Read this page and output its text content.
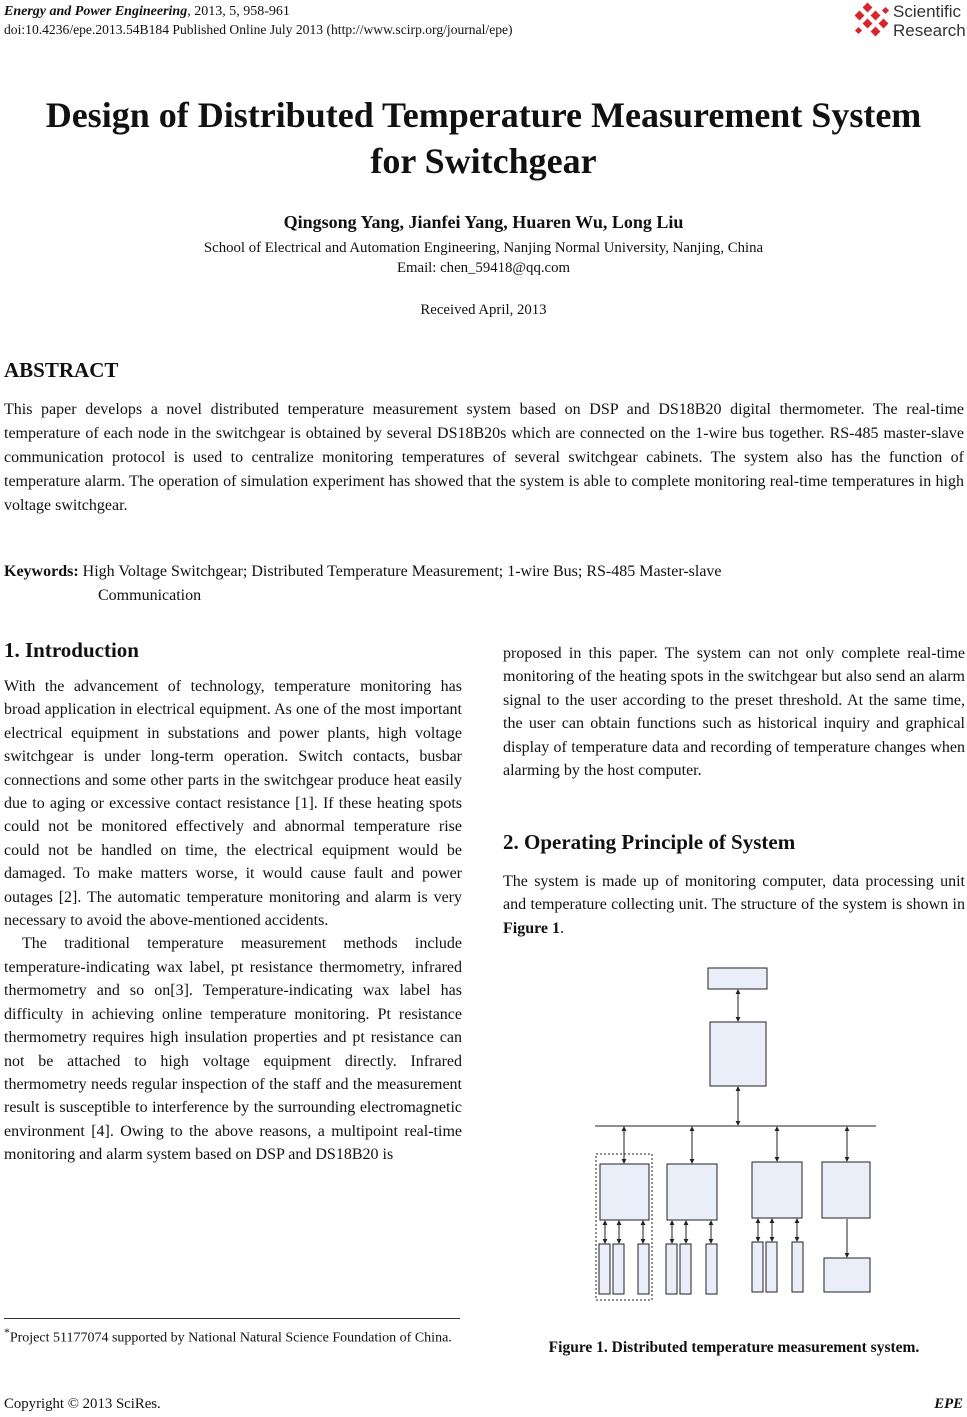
Energy and Power Engineering, 2013, 5, 958-961
doi:10.4236/epe.2013.54B184 Published Online July 2013 (http://www.scirp.org/journal/epe)
Scientific
Research
Design of Distributed Temperature Measurement System
for Switchgear
Qingsong Yang, Jianfei Yang, Huaren Wu, Long Liu
School of Electrical and Automation Engineering, Nanjing Normal University, Nanjing, China
Email: chen_59418@qq.com
Received April, 2013
ABSTRACT
This paper develops a novel distributed temperature measurement system based on DSP and DS18B20 digital thermometer. The real-time temperature of each node in the switchgear is obtained by several DS18B20s which are connected on the 1-wire bus together. RS-485 master-slave communication protocol is used to centralize monitoring temperatures of several switchgear cabinets. The system also has the function of temperature alarm. The operation of simulation experiment has showed that the system is able to complete monitoring real-time temperatures in high voltage switchgear.
Keywords: High Voltage Switchgear; Distributed Temperature Measurement; 1-wire Bus; RS-485 Master-slave
Communication
1. Introduction

With the advancement of technology, temperature monitoring has broad application in electrical equipment. As one of the most important electrical equipment in substations and power plants, high voltage switchgear is under long-term operation. Switch contacts, busbar connections and some other parts in the switchgear produce heat easily due to aging or excessive contact resistance [1]. If these heating spots could not be monitored effectively and abnormal temperature rise could not be handled on time, the electrical equipment would be damaged. To make matters worse, it would cause fault and power outages [2]. The automatic temperature monitoring and alarm is very necessary to avoid the above-mentioned accidents.

The traditional temperature measurement methods include temperature-indicating wax label, pt resistance thermometry, infrared thermometry and so on[3]. Temperature-indicating wax label has difficulty in achieving online temperature monitoring. Pt resistance thermometry requires high insulation properties and pt resistance can not be attached to high voltage equipment directly. Infrared thermometry needs regular inspection of the staff and the measurement result is susceptible to interference by the surrounding electromagnetic environment [4]. Owing to the above reasons, a multipoint real-time monitoring and alarm system based on DSP and DS18B20 is

proposed in this paper. The system can not only complete real-time monitoring of the heating spots in the switchgear but also send an alarm signal to the user according to the preset threshold. At the same time, the user can obtain functions such as historical inquiry and graphical display of temperature data and recording of temperature changes when alarming by the host computer.

2. Operating Principle of System

The system is made up of monitoring computer, data processing unit and temperature collecting unit. The structure of the system is shown in Figure 1.

Figure 1. Distributed temperature measurement system.
*Project 51177074 supported by National Natural Science Foundation of China.
Copyright © 2013 SciRes.	EPE
